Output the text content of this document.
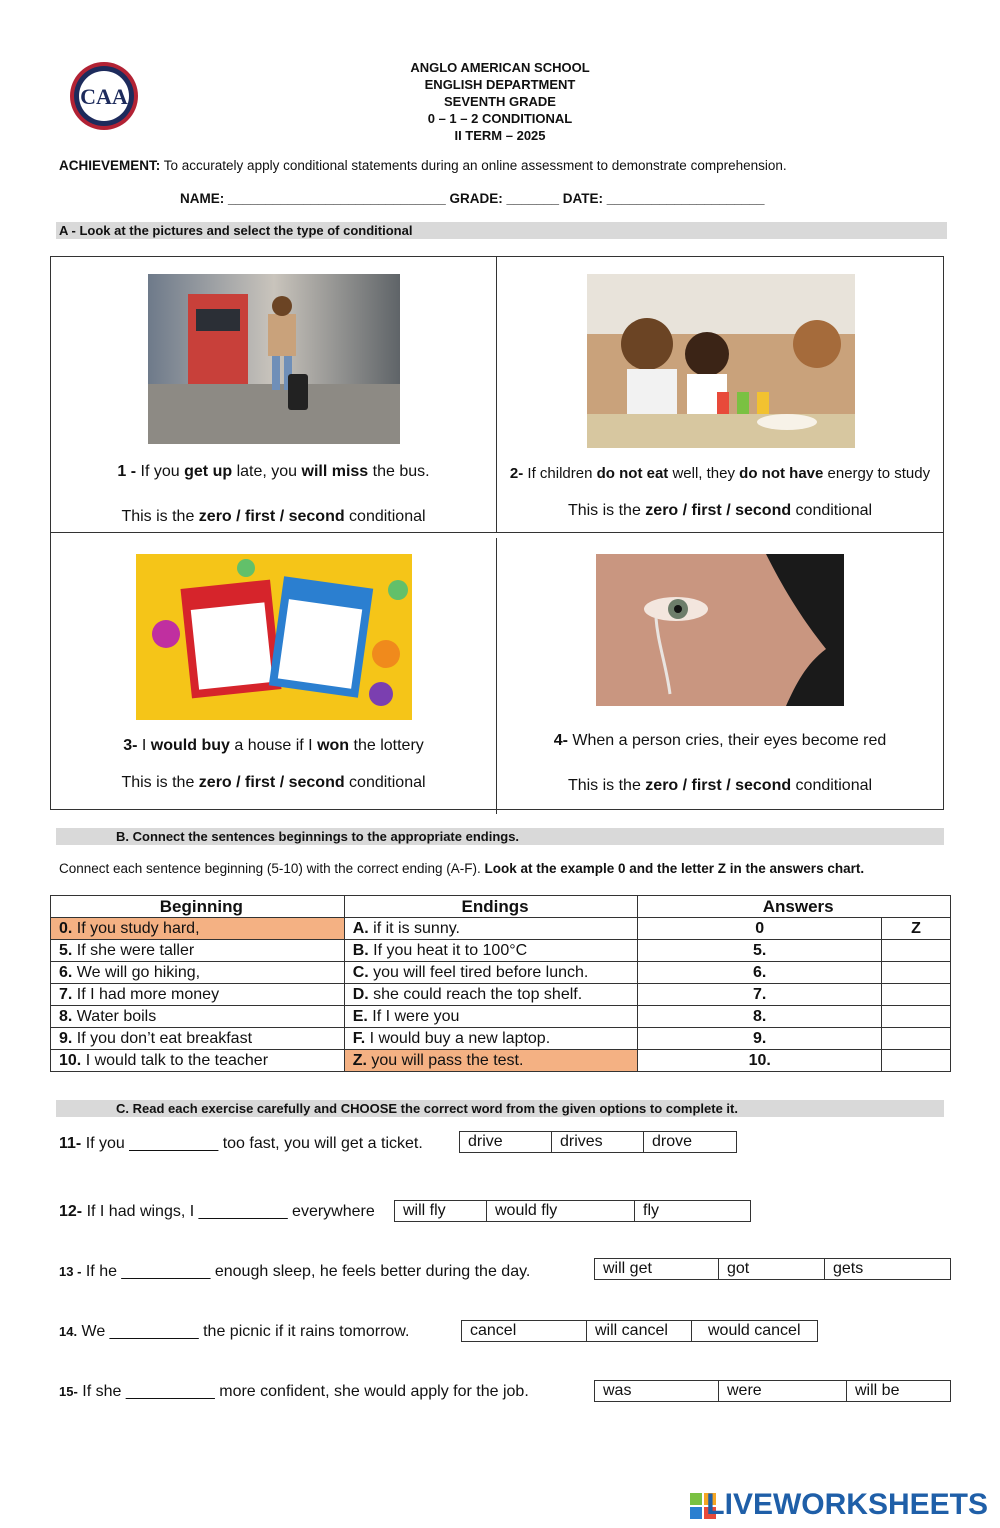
CAA
ANGLO AMERICAN SCHOOL
ENGLISH DEPARTMENT
SEVENTH GRADE
0 – 1 – 2 CONDITIONAL
II TERM – 2025
ACHIEVEMENT: To accurately apply conditional statements during an online assessment to demonstrate comprehension.
NAME: _____________________________ GRADE: _______ DATE: _____________________
A - Look at the pictures and select the type of conditional
1 - If you get up late, you will miss the bus.
This is the zero / first / second conditional
2- If children do not eat well, they do not have energy to study
This is the zero / first / second conditional
3- I would buy a house if I won the lottery
This is the zero / first / second conditional
4- When a person cries, their eyes become red
This is the zero / first / second conditional
B. Connect the sentences beginnings to the appropriate endings.
Connect each sentence beginning (5-10) with the correct ending (A-F). Look at the example 0 and the letter Z in the answers chart.
Beginning	Endings	Answers	
0. If you study hard,	A. if it is sunny.	0	Z
5. If she were taller	B. If you heat it to 100°C	5.	
6. We will go hiking,	C. you will feel tired before lunch.	6.	
7. If I had more money	D. she could reach the top shelf.	7.	
8. Water boils	E. If I were you	8.	
9. If you don’t eat breakfast	F. I would buy a new laptop.	9.	
10. I would talk to the teacher	Z. you will pass the test.	10.	
C. Read each exercise carefully and CHOOSE the correct word from the given options to complete it.
11- If you __________ too fast, you will get a ticket.	drive	drives	drove
12- If I had wings, I __________ everywhere	will fly	would fly	fly
13 - If he __________ enough sleep, he feels better during the day.	will get	got	gets
14. We __________ the picnic if it rains tomorrow.	cancel	will cancel	would cancel
15- If she __________ more confident, she would apply for the job.	was	were	will be
LIVEWORKSHEETS
